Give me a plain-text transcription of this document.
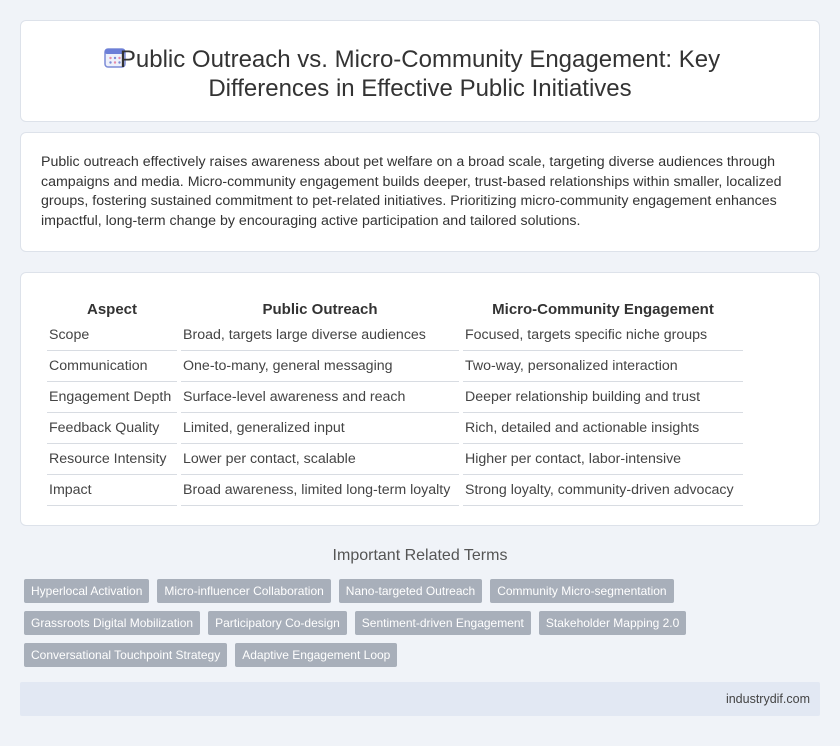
Public Outreach vs. Micro-Community Engagement: Key
Differences in Effective Public Initiatives

Public outreach effectively raises awareness about pet welfare on a broad scale, targeting diverse audiences through campaigns and media. Micro-community engagement builds deeper, trust-based relationships within smaller, localized groups, fostering sustained commitment to pet-related initiatives. Prioritizing micro-community engagement enhances impactful, long-term change by encouraging active participation and tailored solutions.

Aspect	Public Outreach	Micro-Community Engagement
Scope	Broad, targets large diverse audiences	Focused, targets specific niche groups
Communication	One-to-many, general messaging	Two-way, personalized interaction
Engagement Depth	Surface-level awareness and reach	Deeper relationship building and trust
Feedback Quality	Limited, generalized input	Rich, detailed and actionable insights
Resource Intensity	Lower per contact, scalable	Higher per contact, labor-intensive
Impact	Broad awareness, limited long-term loyalty	Strong loyalty, community-driven advocacy
Important Related Terms
Hyperlocal Activation	Micro-influencer Collaboration	Nano-targeted Outreach	Community Micro-segmentation
Grassroots Digital Mobilization	Participatory Co-design	Sentiment-driven Engagement	Stakeholder Mapping 2.0
Conversational Touchpoint Strategy	Adaptive Engagement Loop
industrydif.com
